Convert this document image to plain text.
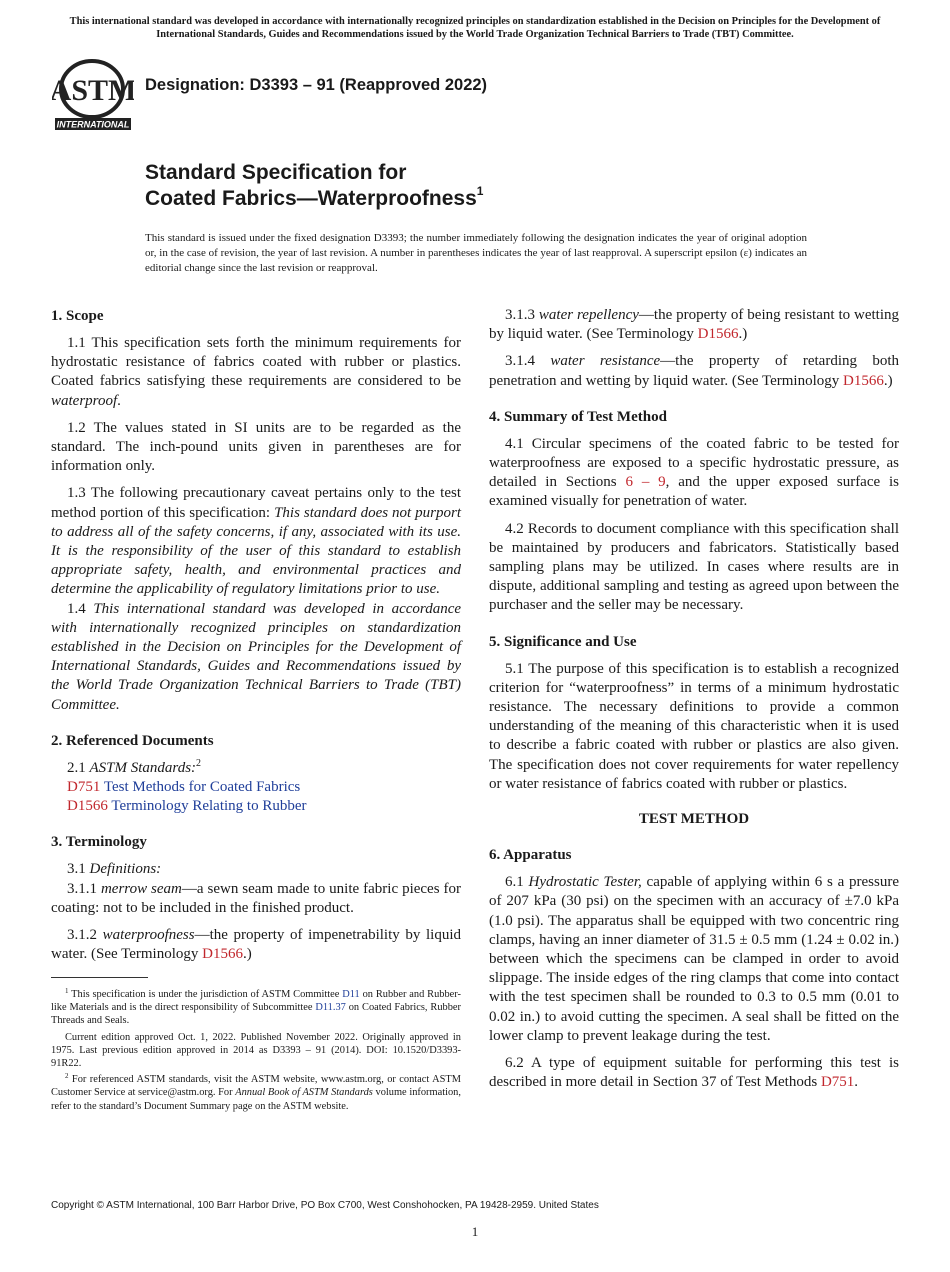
This international standard was developed in accordance with internationally recognized principles on standardization established in the Decision on Principles for the Development of International Standards, Guides and Recommendations issued by the World Trade Organization Technical Barriers to Trade (TBT) Committee.
ASTM
INTERNATIONAL
Designation: D3393 – 91 (Reapproved 2022)
Standard Specification for
Coated Fabrics—Waterproofness$^1$
This standard is issued under the fixed designation D3393; the number immediately following the designation indicates the year of original adoption or, in the case of revision, the year of last revision. A number in parentheses indicates the year of last reapproval. A superscript epsilon (ε) indicates an editorial change since the last revision or reapproval.
1. Scope

1.1 This specification sets forth the minimum requirements for hydrostatic resistance of fabrics coated with rubber or plastics. Coated fabrics satisfying these requirements are considered to be waterproof.

1.2 The values stated in SI units are to be regarded as the standard. The inch-pound units given in parentheses are for information only.

1.3 The following precautionary caveat pertains only to the test method portion of this specification: This standard does not purport to address all of the safety concerns, if any, associated with its use. It is the responsibility of the user of this standard to establish appropriate safety, health, and environmental practices and determine the applicability of regulatory limitations prior to use.

1.4 This international standard was developed in accordance with internationally recognized principles on standardization established in the Decision on Principles for the Development of International Standards, Guides and Recommendations issued by the World Trade Organization Technical Barriers to Trade (TBT) Committee.

2. Referenced Documents

2.1 ASTM Standards:$^2$

D751 Test Methods for Coated Fabrics

D1566 Terminology Relating to Rubber

3. Terminology

3.1 Definitions:

3.1.1 merrow seam—a sewn seam made to unite fabric pieces for coating: not to be included in the finished product.

3.1.2 waterproofness—the property of impenetrability by liquid water. (See Terminology D1566.)

$^1$ This specification is under the jurisdiction of ASTM Committee D11 on Rubber and Rubber-like Materials and is the direct responsibility of Subcommittee D11.37 on Coated Fabrics, Rubber Threads and Seals.

Current edition approved Oct. 1, 2022. Published November 2022. Originally approved in 1975. Last previous edition approved in 2014 as D3393 – 91 (2014). DOI: 10.1520/D3393-91R22.

$^2$ For referenced ASTM standards, visit the ASTM website, www.astm.org, or contact ASTM Customer Service at service@astm.org. For Annual Book of ASTM Standards volume information, refer to the standard’s Document Summary page on the ASTM website.

3.1.3 water repellency—the property of being resistant to wetting by liquid water. (See Terminology D1566.)

3.1.4 water resistance—the property of retarding both penetration and wetting by liquid water. (See Terminology D1566.)

4. Summary of Test Method

4.1 Circular specimens of the coated fabric to be tested for waterproofness are exposed to a specific hydrostatic pressure, as detailed in Sections 6 – 9, and the upper exposed surface is examined visually for penetration of water.

4.2 Records to document compliance with this specification shall be maintained by producers and fabricators. Statistically based sampling plans may be utilized. In cases where results are in dispute, additional sampling and testing as agreed upon between the purchaser and the seller may be necessary.

5. Significance and Use

5.1 The purpose of this specification is to establish a recognized criterion for “waterproofness” in terms of a minimum hydrostatic resistance. The necessary definitions to provide a common understanding of the meaning of this characteristic when it is used to describe a fabric coated with rubber or plastics are also given. The specification does not cover requirements for water repellency or water resistance of fabrics coated with rubber or plastics.

TEST METHOD

6. Apparatus

6.1 Hydrostatic Tester, capable of applying within 6 s a pressure of 207 kPa (30 psi) on the specimen with an accuracy of ±7.0 kPa (1.0 psi). The apparatus shall be equipped with two concentric ring clamps, having an inner diameter of 31.5 ± 0.5 mm (1.24 ± 0.02 in.) between which the specimens can be clamped in order to avoid slippage. The inside edges of the ring clamps that come into contact with the test specimen shall be rounded to 0.3 to 0.5 mm (0.01 to 0.02 in.) to avoid cutting the specimen. A seal shall be fitted on the lower clamp to prevent leakage during the test.

6.2 A type of equipment suitable for performing this test is described in more detail in Section 37 of Test Methods D751.

Copyright © ASTM International, 100 Barr Harbor Drive, PO Box C700, West Conshohocken, PA 19428-2959. United States
1
